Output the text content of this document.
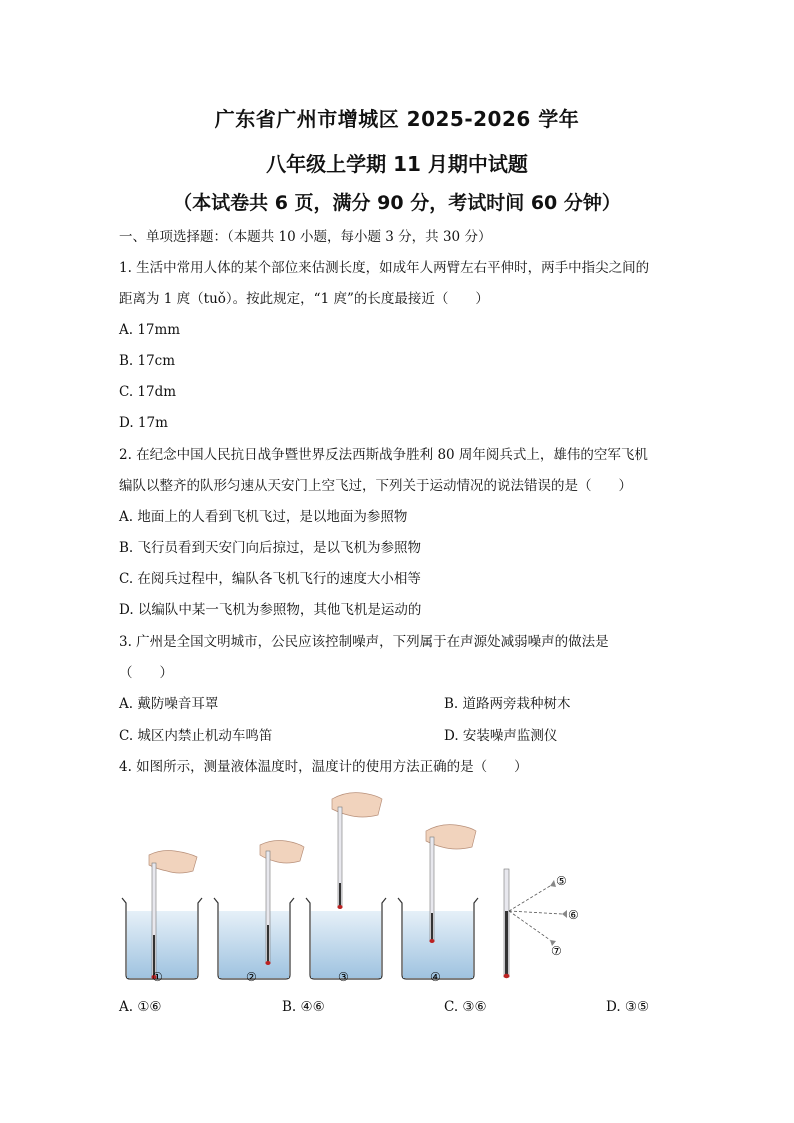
广东省广州市增城区 2025-2026 学年
八年级上学期 11 月期中试题
（本试卷共 6 页，满分 90 分，考试时间 60 分钟）
一、单项选择题：（本题共 10 小题，每小题 3 分，共 30 分）
1. 生活中常用人体的某个部位来估测长度，如成年人两臂左右平伸时，两手中指尖之间的
距离为 1 庹（tuǒ）。按此规定，“1 庹”的长度最接近（　　）
A. 17mm
B. 17cm
C. 17dm
D. 17m
2. 在纪念中国人民抗日战争暨世界反法西斯战争胜利 80 周年阅兵式上，雄伟的空军飞机
编队以整齐的队形匀速从天安门上空飞过，下列关于运动情况的说法错误的是（　　）
A. 地面上的人看到飞机飞过，是以地面为参照物
B. 飞行员看到天安门向后掠过，是以飞机为参照物
C. 在阅兵过程中，编队各飞机飞行的速度大小相等
D. 以编队中某一飞机为参照物，其他飞机是运动的
3. 广州是全国文明城市，公民应该控制噪声，下列属于在声源处减弱噪声的做法是
（　　）
A. 戴防噪音耳罩	B. 道路两旁栽种树木
C. 城区内禁止机动车鸣笛	D. 安装噪声监测仪
4. 如图所示，测量液体温度时，温度计的使用方法正确的是（　　）
①	②	③	④
⑤
⑥
⑦
A. ①⑥	B. ④⑥	C. ③⑥	D. ③⑤
